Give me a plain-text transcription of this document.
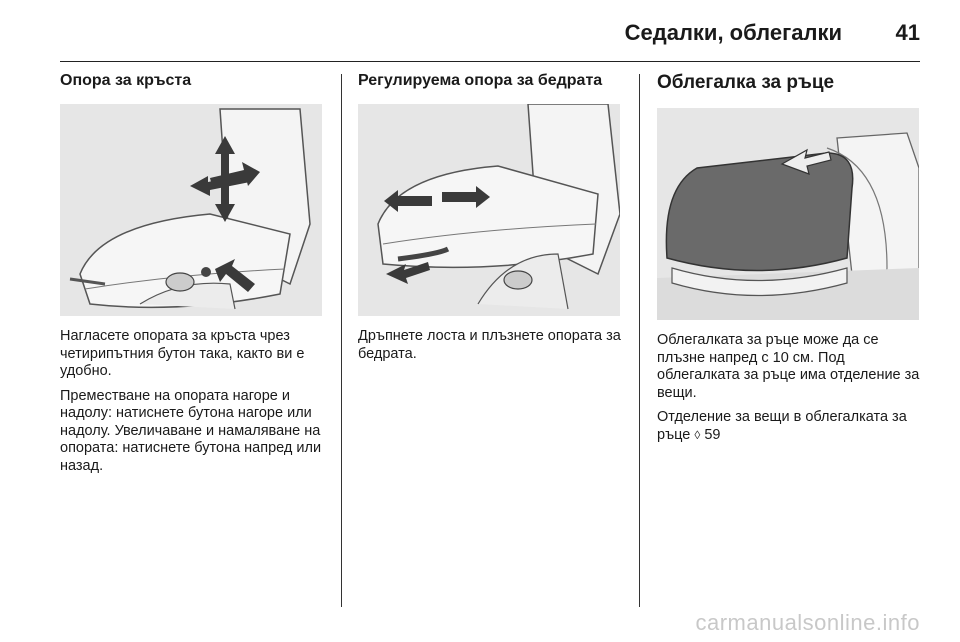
Седалки, облегалки 41
Опора за кръста

Нагласете опората за кръста чрез четирипътния бутон така, както ви е удобно.

Преместване на опората нагоре и надолу: натиснете бутона нагоре или надолу. Увеличаване и намаляване на опората: натиснете бутона напред или назад.

Регулируема опора за бедрата

Дръпнете лоста и плъзнете опората за бедрата.

Облегалка за ръце

Облегалката за ръце може да се плъзне напред с 10 см. Под облегалката за ръце има отделение за вещи.

Отделение за вещи в облегалката за ръце ◊ 59

carmanualsonline.info
